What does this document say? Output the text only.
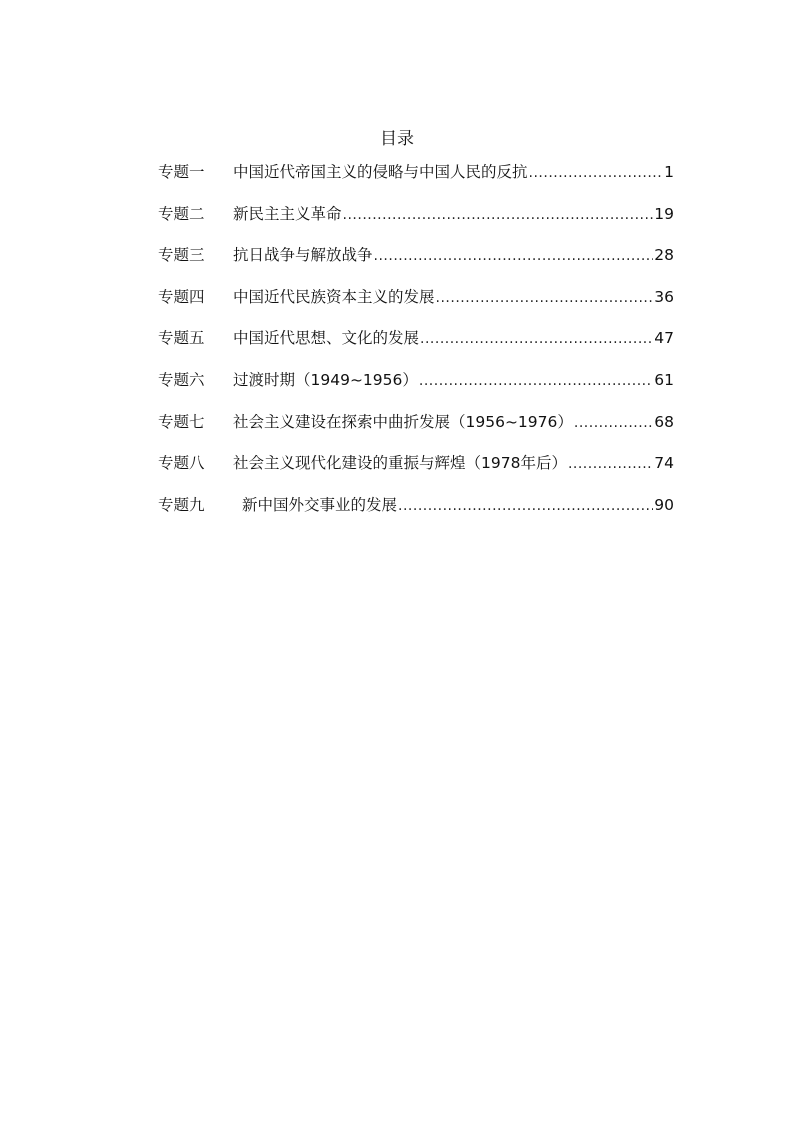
目录
专题一	中国近代帝国主义的侵略与中国人民的反抗 .....	1
专题二	新民主主义革命 .....	19
专题三	抗日战争与解放战争 .....	28
专题四	中国近代民族资本主义的发展 .....	36
专题五	中国近代思想、文化的发展 .....	47
专题六	过渡时期（1949~1956） .....	61
专题七	社会主义建设在探索中曲折发展（1956~1976） .....	68
专题八	社会主义现代化建设的重振与辉煌（1978年后） .....	74
专题九	新中国外交事业的发展 .....	90
